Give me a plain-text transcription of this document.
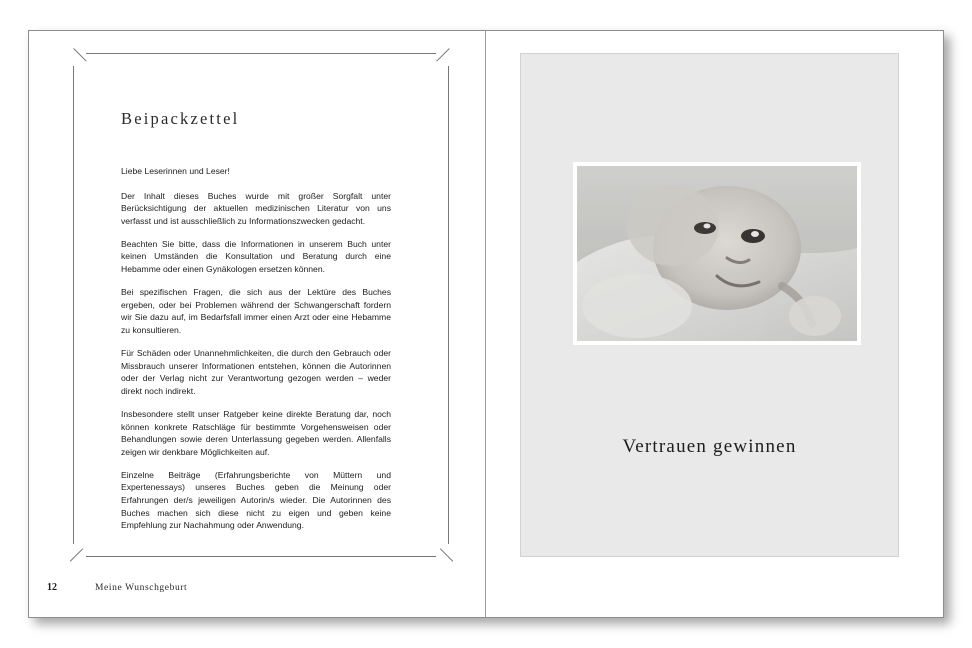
Beipackzettel

Liebe Leserinnen und Leser!

Der Inhalt dieses Buches wurde mit großer Sorgfalt unter Berücksichtigung der aktuellen medizinischen Literatur von uns verfasst und ist ausschließlich zu Informationszwecken gedacht.

Beachten Sie bitte, dass die Informationen in unserem Buch unter keinen Umständen die Konsultation und Beratung durch eine Hebamme oder einen Gynäkologen ersetzen können.

Bei spezifischen Fragen, die sich aus der Lektüre des Buches ergeben, oder bei Problemen während der Schwangerschaft fordern wir Sie dazu auf, im Bedarfsfall immer einen Arzt oder eine Hebamme zu konsultieren.

Für Schäden oder Unannehmlichkeiten, die durch den Gebrauch oder Missbrauch unserer Informationen entstehen, können die Autorinnen oder der Verlag nicht zur Verantwortung gezogen werden – weder direkt noch indirekt.

Insbesondere stellt unser Ratgeber keine direkte Beratung dar, noch können konkrete Ratschläge für bestimmte Vorgehensweisen oder Behandlungen sowie deren Unterlassung gegeben werden. Allenfalls zeigen wir denkbare Möglichkeiten auf.

Einzelne Beiträge (Erfahrungsberichte von Müttern und Expertenessays) unseres Buches geben die Meinung oder Erfahrungen der/s jeweiligen Autorin/s wieder. Die Autorinnen des Buches machen sich diese nicht zu eigen und geben keine Empfehlung zur Nachahmung oder Anwendung.

12	Meine Wunschgeburt
Vertrauen gewinnen
